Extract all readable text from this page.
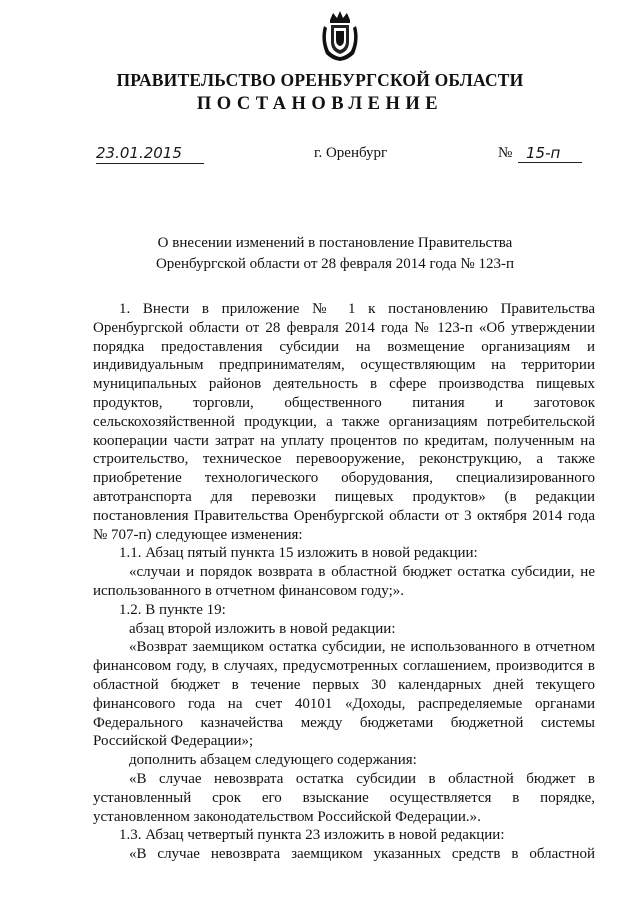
ПРАВИТЕЛЬСТВО ОРЕНБУРГСКОЙ ОБЛАСТИ
ПОСТАНОВЛЕНИЕ
23.01.2015	г. Оренбург	№ 15-п
О внесении изменений в постановление Правительства
Оренбургской области от 28 февраля 2014 года № 123-п

1. Внести в приложение № 1 к постановлению Правительства

Оренбургской области от 28 февраля 2014 года № 123-п «Об утверждении

порядка предоставления субсидии на возмещение организациям и

индивидуальным предпринимателям, осуществляющим на территории

муниципальных районов деятельность в сфере производства пищевых

продуктов, торговли, общественного питания и заготовок

сельскохозяйственной продукции, а также организациям потребительской

кооперации части затрат на уплату процентов по кредитам, полученным на

строительство, техническое перевооружение, реконструкцию, а также

приобретение технологического оборудования, специализированного

автотранспорта для перевозки пищевых продуктов» (в редакции

постановления Правительства Оренбургской области от 3 октября 2014 года

№ 707-п) следующее изменения:

1.1. Абзац пятый пункта 15 изложить в новой редакции:

«случаи и порядок возврата в областной бюджет остатка субсидии, не

использованного в отчетном финансовом году;».

1.2. В пункте 19:

абзац второй изложить в новой редакции:

«Возврат заемщиком остатка субсидии, не использованного в отчетном

финансовом году, в случаях, предусмотренных соглашением, производится в

областной бюджет в течение первых 30 календарных дней текущего

финансового года на счет 40101 «Доходы, распределяемые органами

Федерального казначейства между бюджетами бюджетной системы

Российской Федерации»;

дополнить абзацем следующего содержания:

«В случае невозврата остатка субсидии в областной бюджет в

установленный срок его взыскание осуществляется в порядке,

установленном законодательством Российской Федерации.».

1.3. Абзац четвертый пункта 23 изложить в новой редакции:

«В случае невозврата заемщиком указанных средств в областной
